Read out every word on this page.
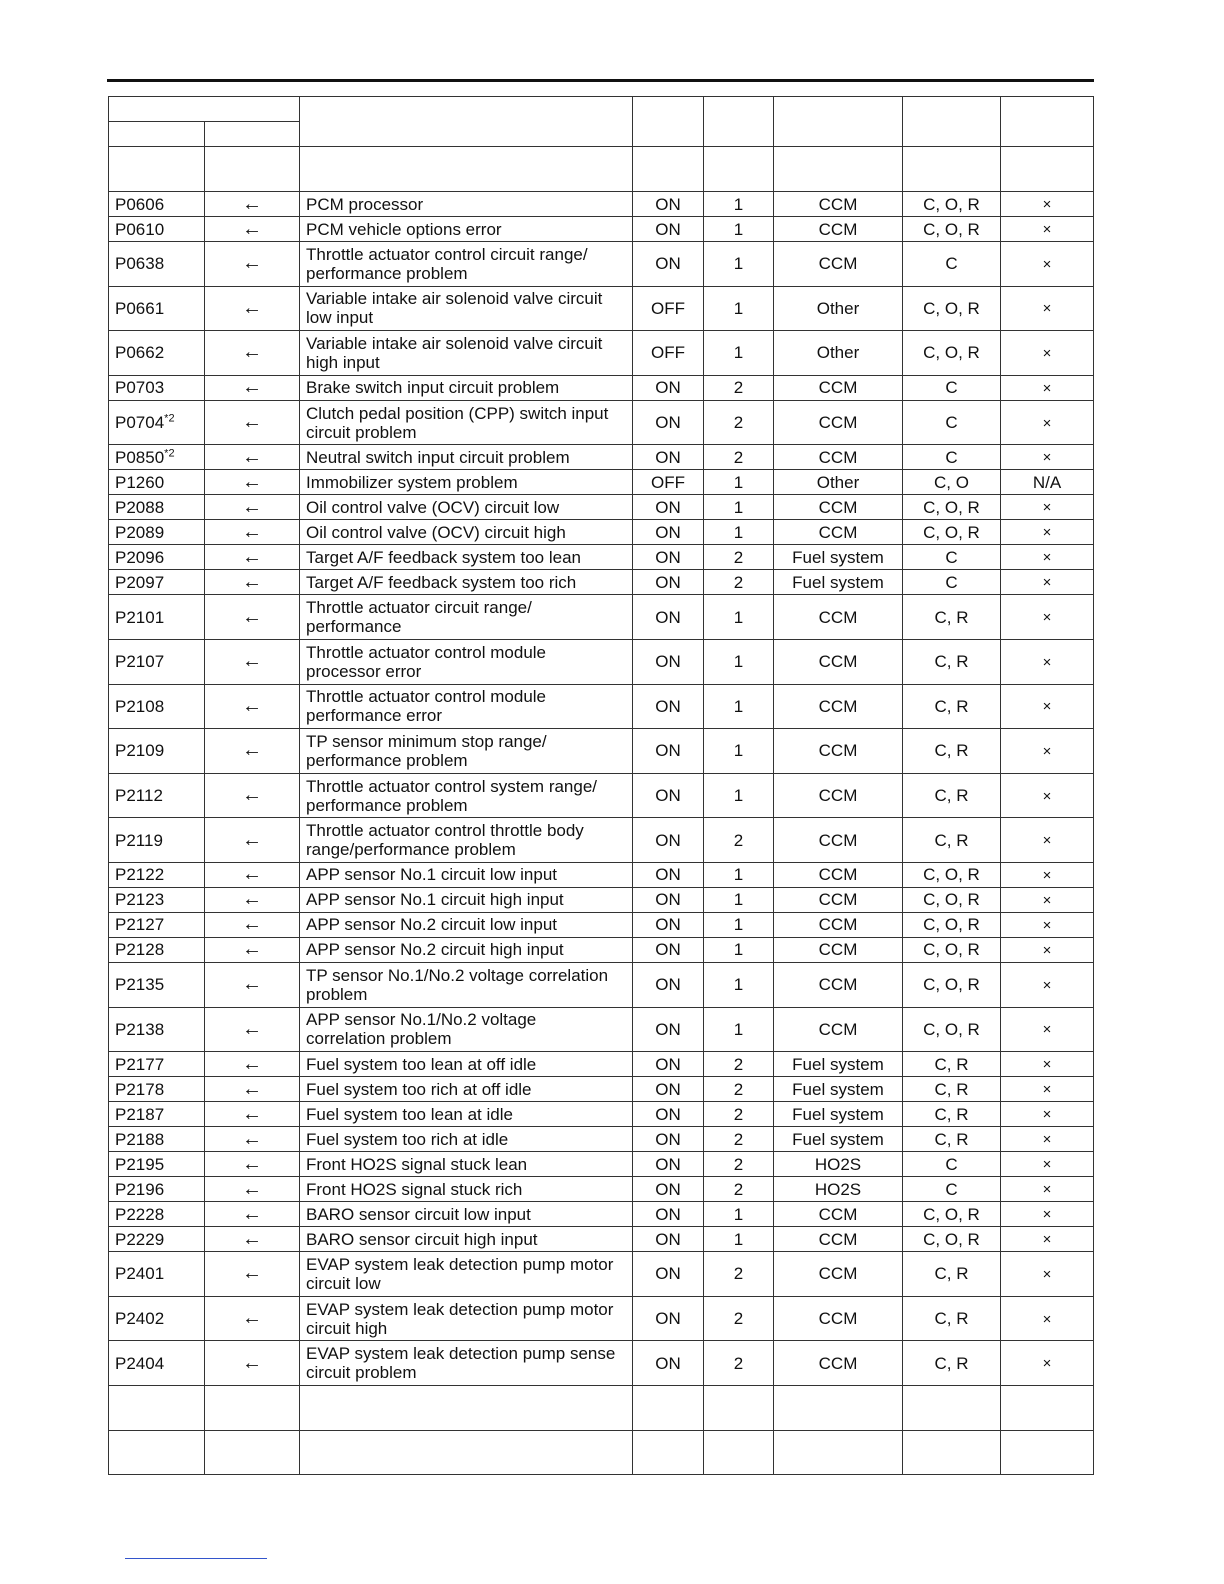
P0606	←	PCM processor	ON	1	CCM	C, O, R	×
P0610	←	PCM vehicle options error	ON	1	CCM	C, O, R	×
P0638	←	Throttle actuator control circuit range/
performance problem	ON	1	CCM	C	×
P0661	←	Variable intake air solenoid valve circuit
low input	OFF	1	Other	C, O, R	×
P0662	←	Variable intake air solenoid valve circuit
high input	OFF	1	Other	C, O, R	×
P0703	←	Brake switch input circuit problem	ON	2	CCM	C	×
$P0704^{*2}$	←	Clutch pedal position (CPP) switch input
circuit problem	ON	2	CCM	C	×
$P0850^{*2}$	←	Neutral switch input circuit problem	ON	2	CCM	C	×
P1260	←	Immobilizer system problem	OFF	1	Other	C, O	N/A
P2088	←	Oil control valve (OCV) circuit low	ON	1	CCM	C, O, R	×
P2089	←	Oil control valve (OCV) circuit high	ON	1	CCM	C, O, R	×
P2096	←	Target A/F feedback system too lean	ON	2	Fuel system	C	×
P2097	←	Target A/F feedback system too rich	ON	2	Fuel system	C	×
P2101	←	Throttle actuator circuit range/
performance	ON	1	CCM	C, R	×
P2107	←	Throttle actuator control module
processor error	ON	1	CCM	C, R	×
P2108	←	Throttle actuator control module
performance error	ON	1	CCM	C, R	×
P2109	←	TP sensor minimum stop range/
performance problem	ON	1	CCM	C, R	×
P2112	←	Throttle actuator control system range/
performance problem	ON	1	CCM	C, R	×
P2119	←	Throttle actuator control throttle body
range/performance problem	ON	2	CCM	C, R	×
P2122	←	APP sensor No.1 circuit low input	ON	1	CCM	C, O, R	×
P2123	←	APP sensor No.1 circuit high input	ON	1	CCM	C, O, R	×
P2127	←	APP sensor No.2 circuit low input	ON	1	CCM	C, O, R	×
P2128	←	APP sensor No.2 circuit high input	ON	1	CCM	C, O, R	×
P2135	←	TP sensor No.1/No.2 voltage correlation
problem	ON	1	CCM	C, O, R	×
P2138	←	APP sensor No.1/No.2 voltage
correlation problem	ON	1	CCM	C, O, R	×
P2177	←	Fuel system too lean at off idle	ON	2	Fuel system	C, R	×
P2178	←	Fuel system too rich at off idle	ON	2	Fuel system	C, R	×
P2187	←	Fuel system too lean at idle	ON	2	Fuel system	C, R	×
P2188	←	Fuel system too rich at idle	ON	2	Fuel system	C, R	×
P2195	←	Front HO2S signal stuck lean	ON	2	HO2S	C	×
P2196	←	Front HO2S signal stuck rich	ON	2	HO2S	C	×
P2228	←	BARO sensor circuit low input	ON	1	CCM	C, O, R	×
P2229	←	BARO sensor circuit high input	ON	1	CCM	C, O, R	×
P2401	←	EVAP system leak detection pump motor
circuit low	ON	2	CCM	C, R	×
P2402	←	EVAP system leak detection pump motor
circuit high	ON	2	CCM	C, R	×
P2404	←	EVAP system leak detection pump sense
circuit problem	ON	2	CCM	C, R	×
